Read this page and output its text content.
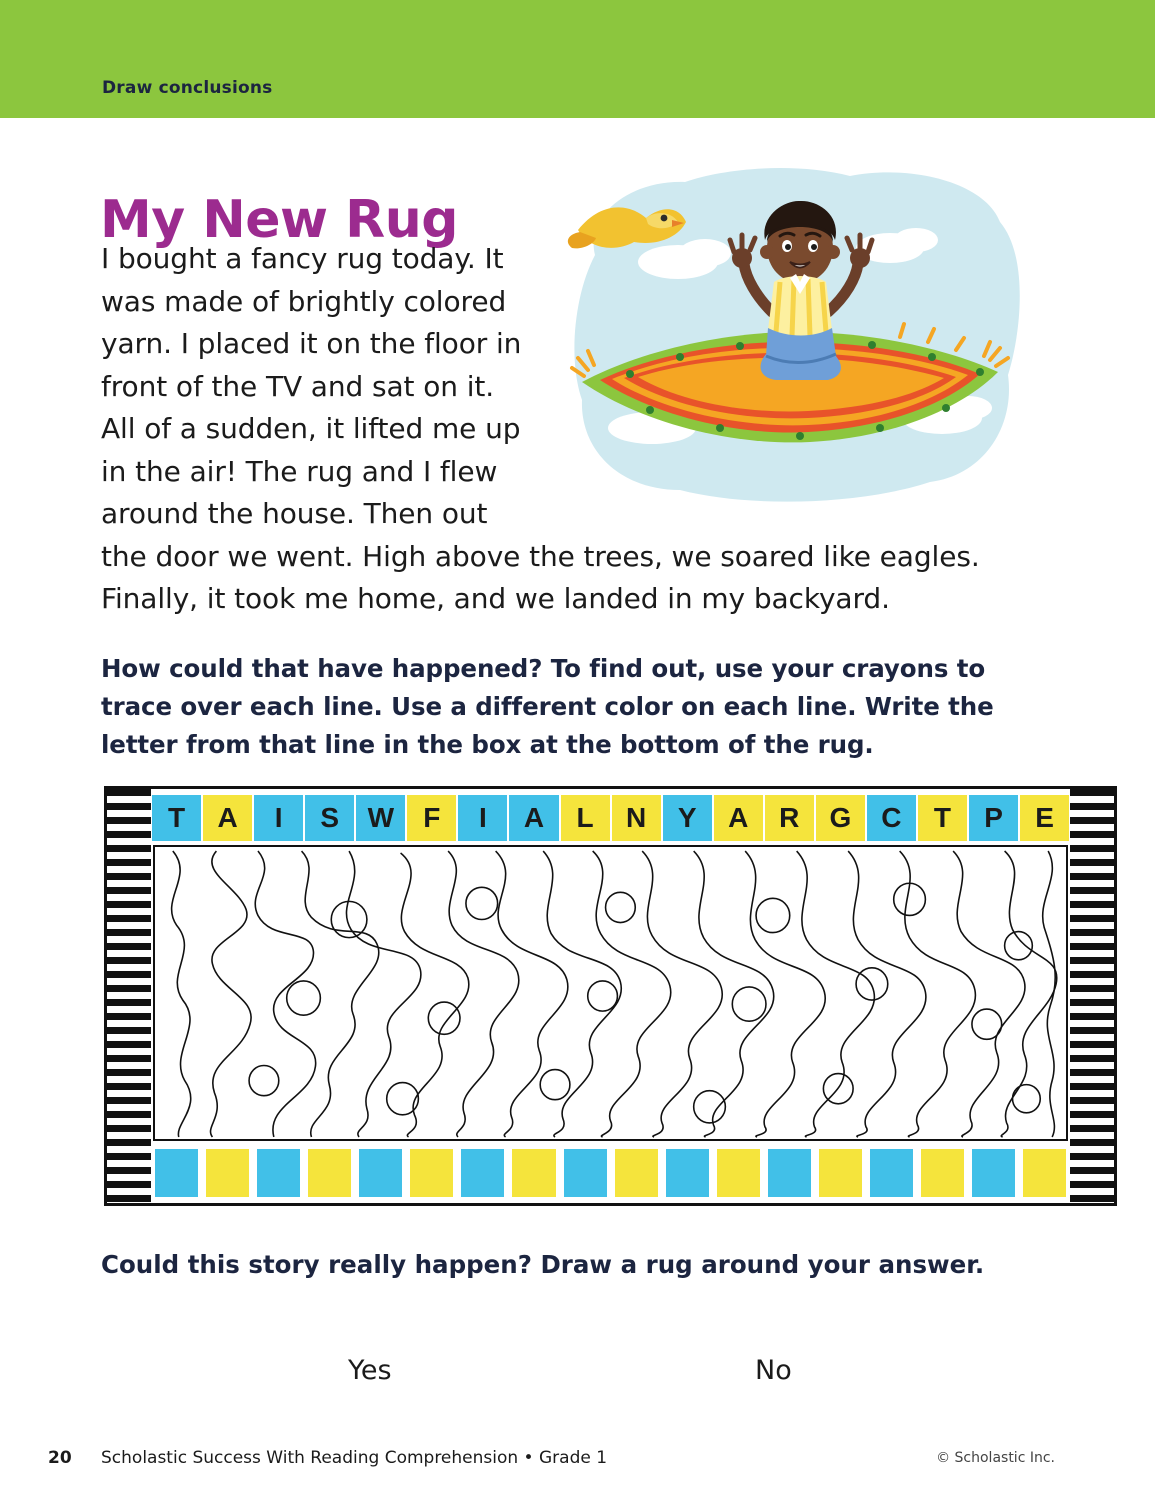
Draw conclusions
My New Rug
I bought a fancy rug today. It was made of brightly colored yarn. I placed it on the floor in front of the TV and sat on it. All of a sudden, it lifted me up in the air! The rug and I flew around the house. Then out the door we went. High above the trees, we soared like eagles. Finally, it took me home, and we landed in my backyard.
How could that have happened? To find out, use your crayons to trace over each line. Use a different color on each line. Write the letter from that line in the box at the bottom of the rug.
T	A	I	S	W	F	I	A	L	N	Y	A	R	G	C	T	P	E
Could this story really happen? Draw a rug around your answer.
Yes	No
20 Scholastic Success With Reading Comprehension • Grade 1	© Scholastic Inc.
